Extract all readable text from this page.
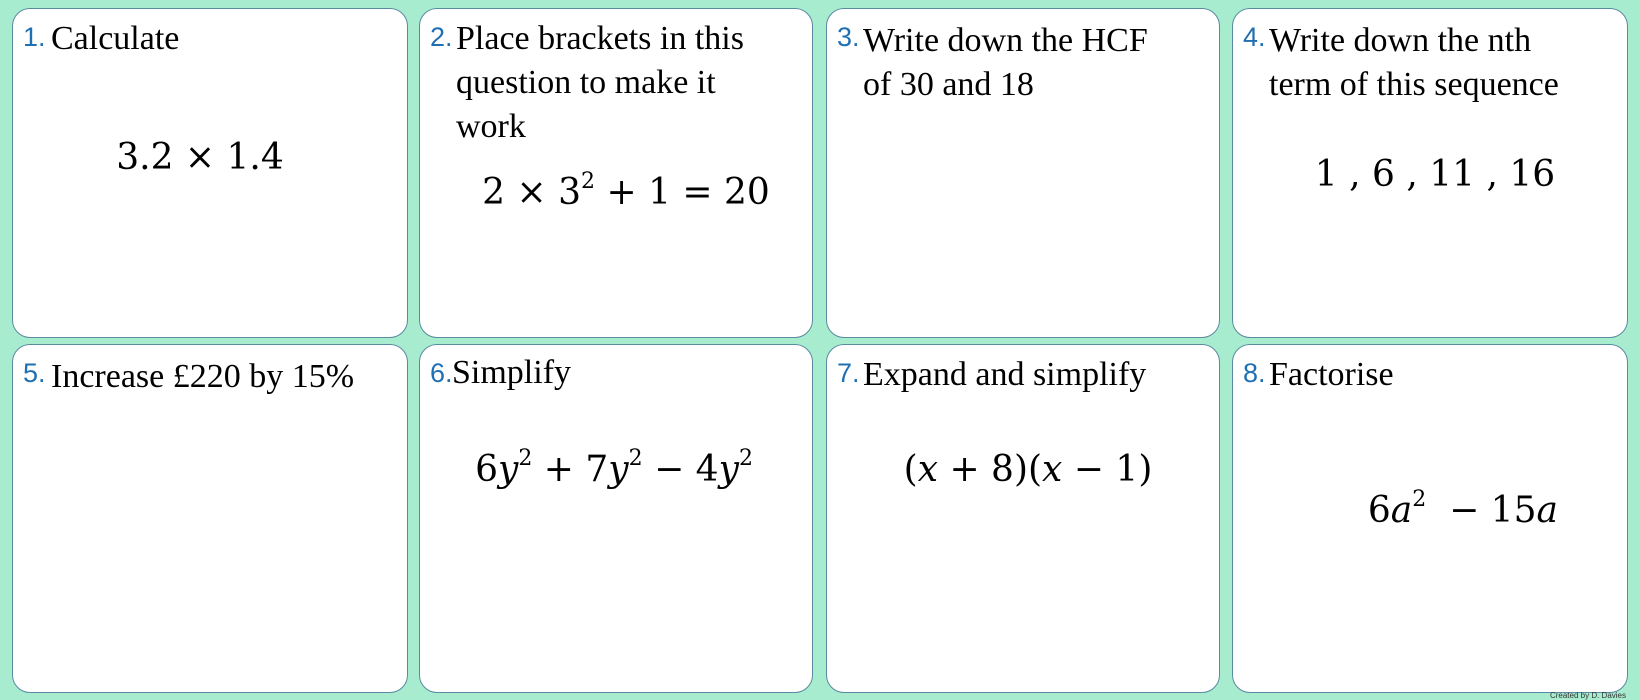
1. Calculate
3.2 × 1.4
2. Place brackets in this
question to make it
work
$2 \times 3^2 + 1 = 20$
3. Write down the HCF
of 30 and 18
4. Write down the nth
term of this sequence
1 , 6 , 11 , 16
5. Increase £220 by 15%	6. Simplify
$6y^2 + 7y^2 - 4y^2$
7. Expand and simplify
(x + 8)(x − 1)
8. Factorise

$6a^2 - 15a$

Created by D. Davies
